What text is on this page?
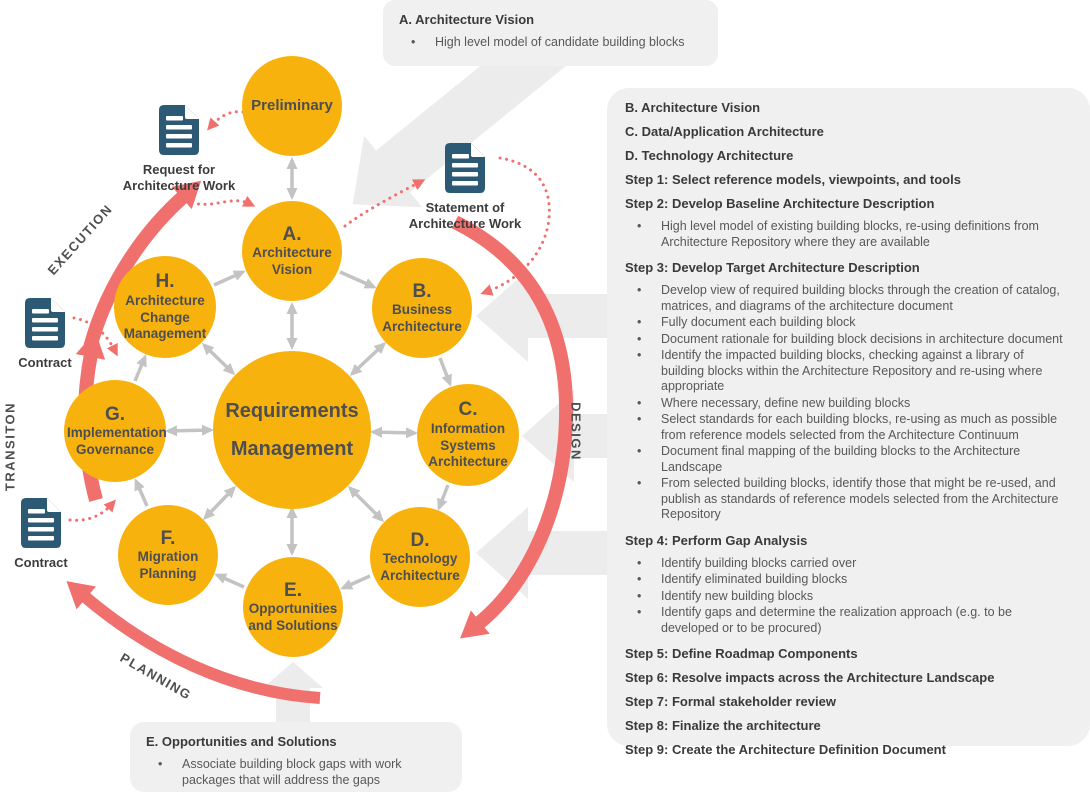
Preliminary
A.
Architecture Vision
B.
Business Architecture
C.
Information Systems Architecture
D.
Technology Architecture
E.
Opportunities and Solutions
F.
Migration Planning
G.
Implementation Governance
H.
Architecture Change Management
Requirements
Management
Request for Architecture Work
Statement of Architecture Work
Contract
Contract
EXECUTION
TRANSITON
PLANNING
DESIGN
A. Architecture Vision
• High level model of candidate building blocks
E. Opportunities and Solutions
• Associate building block gaps with work packages that will address the gaps
B. Architecture Vision
C. Data/Application Architecture
D. Technology Architecture
Step 1: Select reference models, viewpoints, and tools
Step 2: Develop Baseline Architecture Description
• High level model of existing building blocks, re-using definitions from Architecture Repository where they are available
Step 3: Develop Target Architecture Description
• Develop view of required building blocks through the creation of catalog, matrices, and diagrams of the architecture document
• Fully document each building block
• Document rationale for building block decisions in architecture document
• Identify the impacted building blocks, checking against a library of building blocks within the Architecture Repository and re-using where appropriate
• Where necessary, define new building blocks
• Select standards for each building blocks, re-using as much as possible from reference models selected from the Architecture Continuum
• Document final mapping of the building blocks to the Architecture Landscape
• From selected building blocks, identify those that might be re-used, and publish as standards of reference models selected from the Architecture Repository
Step 4: Perform Gap Analysis
• Identify building blocks carried over
• Identify eliminated building blocks
• Identify new building blocks
• Identify gaps and determine the realization approach (e.g. to be developed or to be procured)
Step 5: Define Roadmap Components
Step 6: Resolve impacts across the Architecture Landscape
Step 7: Formal stakeholder review
Step 8: Finalize the architecture
Step 9: Create the Architecture Definition Document
